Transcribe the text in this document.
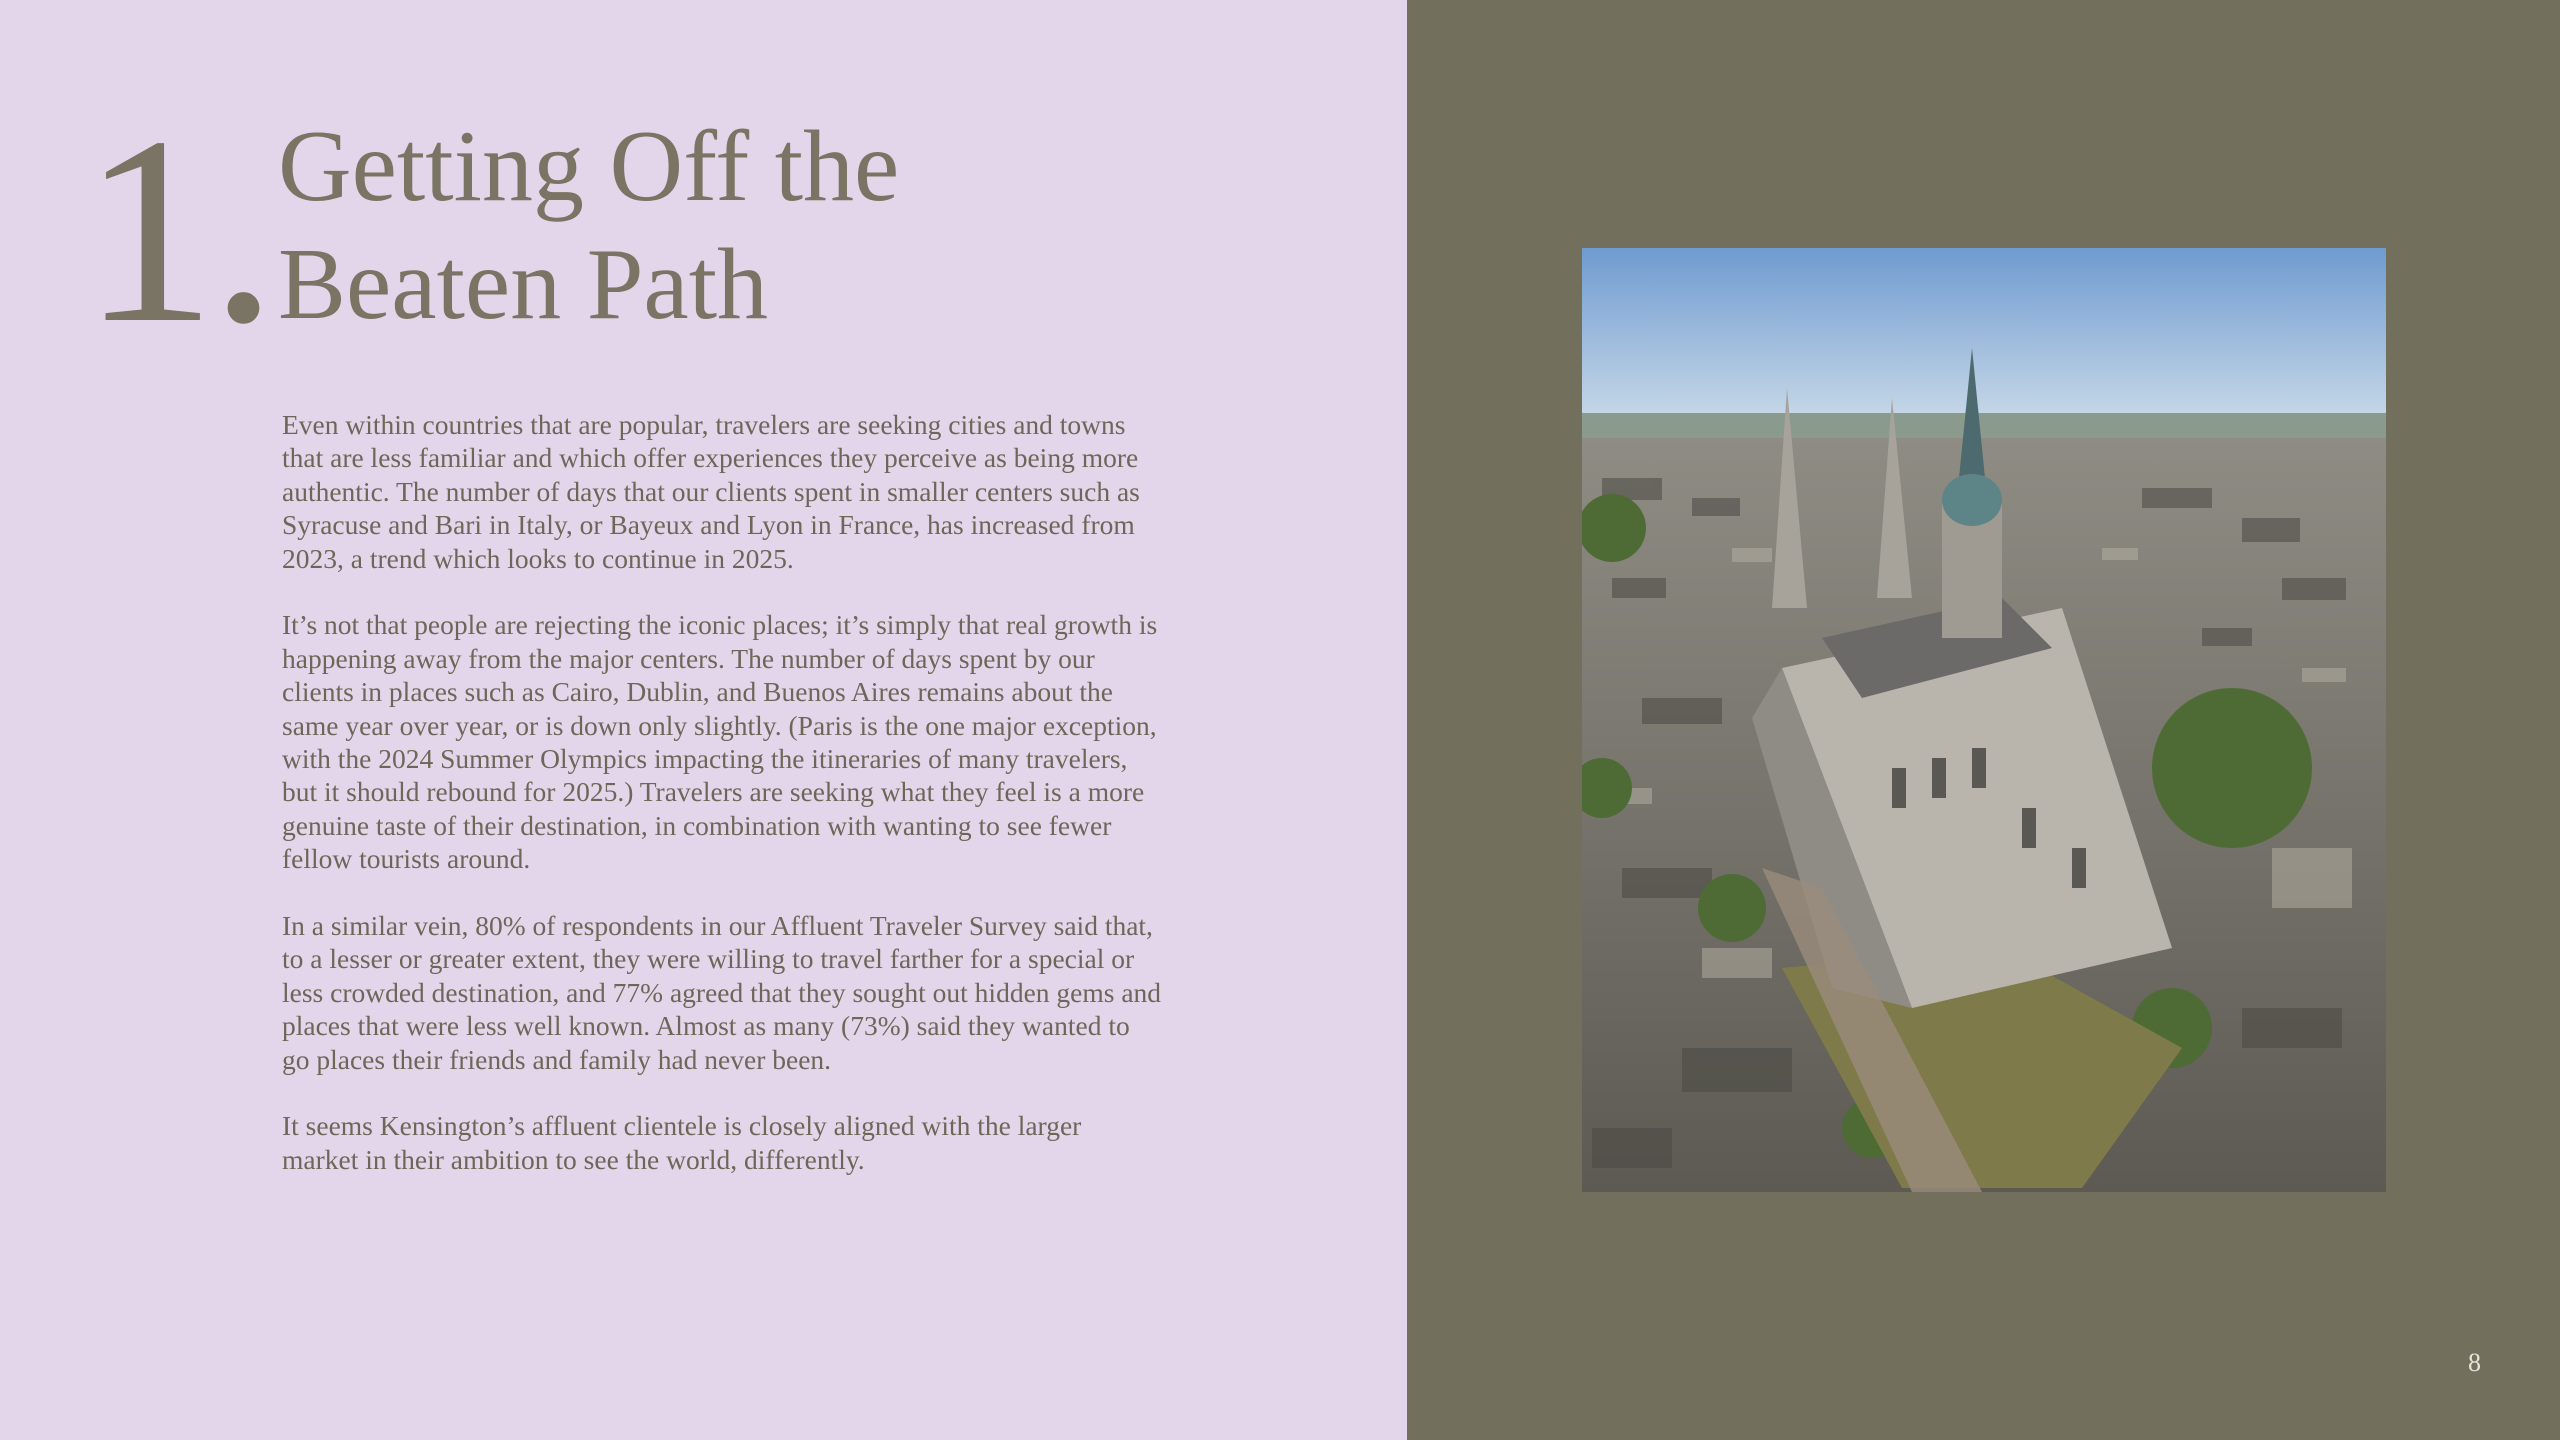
1. Getting Off the
Beaten Path

Even within countries that are popular, travelers are seeking cities and towns that are less familiar and which offer experiences they perceive as being more authentic. The number of days that our clients spent in smaller centers such as Syracuse and Bari in Italy, or Bayeux and Lyon in France, has increased from 2023, a trend which looks to continue in 2025.

It’s not that people are rejecting the iconic places; it’s simply that real growth is happening away from the major centers. The number of days spent by our clients in places such as Cairo, Dublin, and Buenos Aires remains about the same year over year, or is down only slightly. (Paris is the one major exception, with the 2024 Summer Olympics impacting the itineraries of many travelers, but it should rebound for 2025.) Travelers are seeking what they feel is a more genuine taste of their destination, in combination with wanting to see fewer fellow tourists around.

In a similar vein, 80% of respondents in our Affluent Traveler Survey said that, to a lesser or greater extent, they were willing to travel farther for a special or less crowded destination, and 77% agreed that they sought out hidden gems and places that were less well known. Almost as many (73%) said they wanted to go places their friends and family had never been.

It seems Kensington’s affluent clientele is closely aligned with the larger market in their ambition to see the world, differently.

8
